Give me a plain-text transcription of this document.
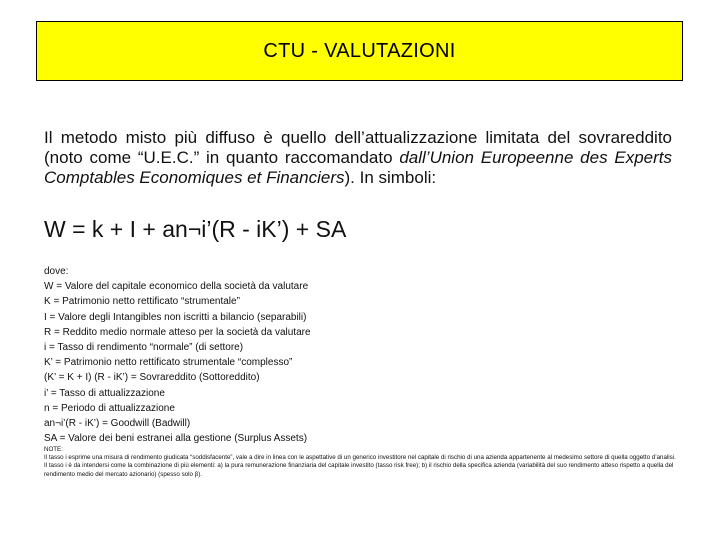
CTU - VALUTAZIONI
Il metodo misto più diffuso è quello dell’attualizzazione limitata del sovrareddito (noto come “U.E.C.” in quanto raccomandato dall’Union Europeenne des Experts Comptables Economiques et Financiers). In simboli:
W = k + I + an¬i’(R - iK’) + SA
dove:
W = Valore del capitale economico della società da valutare
K = Patrimonio netto rettificato “strumentale”
I = Valore degli Intangibles non iscritti a bilancio (separabili)
R = Reddito medio normale atteso per la società da valutare
i = Tasso di rendimento “normale” (di settore)
K’ = Patrimonio netto rettificato strumentale “complesso”
(K’ = K + I) (R - iK’) = Sovrareddito (Sottoreddito)
i’ = Tasso di attualizzazione
n = Periodo di attualizzazione
an¬i’(R - iK’) = Goodwill (Badwill)
SA = Valore dei beni estranei alla gestione (Surplus Assets)
NOTE:
Il tasso i esprime una misura di rendimento giudicata “soddisfacente”, vale a dire in linea con le aspettative di un generico investitore nel capitale di rischio di una azienda appartenente al medesimo settore di quella oggetto d’analisi.
Il tasso i è da intendersi come la combinazione di più elementi: a) la pura remunerazione finanziaria del capitale investito (tasso risk free); b) il rischio della specifica azienda (variabilità del suo rendimento atteso rispetto a quella del rendimento medio del mercato azionario) (spesso solo β).
